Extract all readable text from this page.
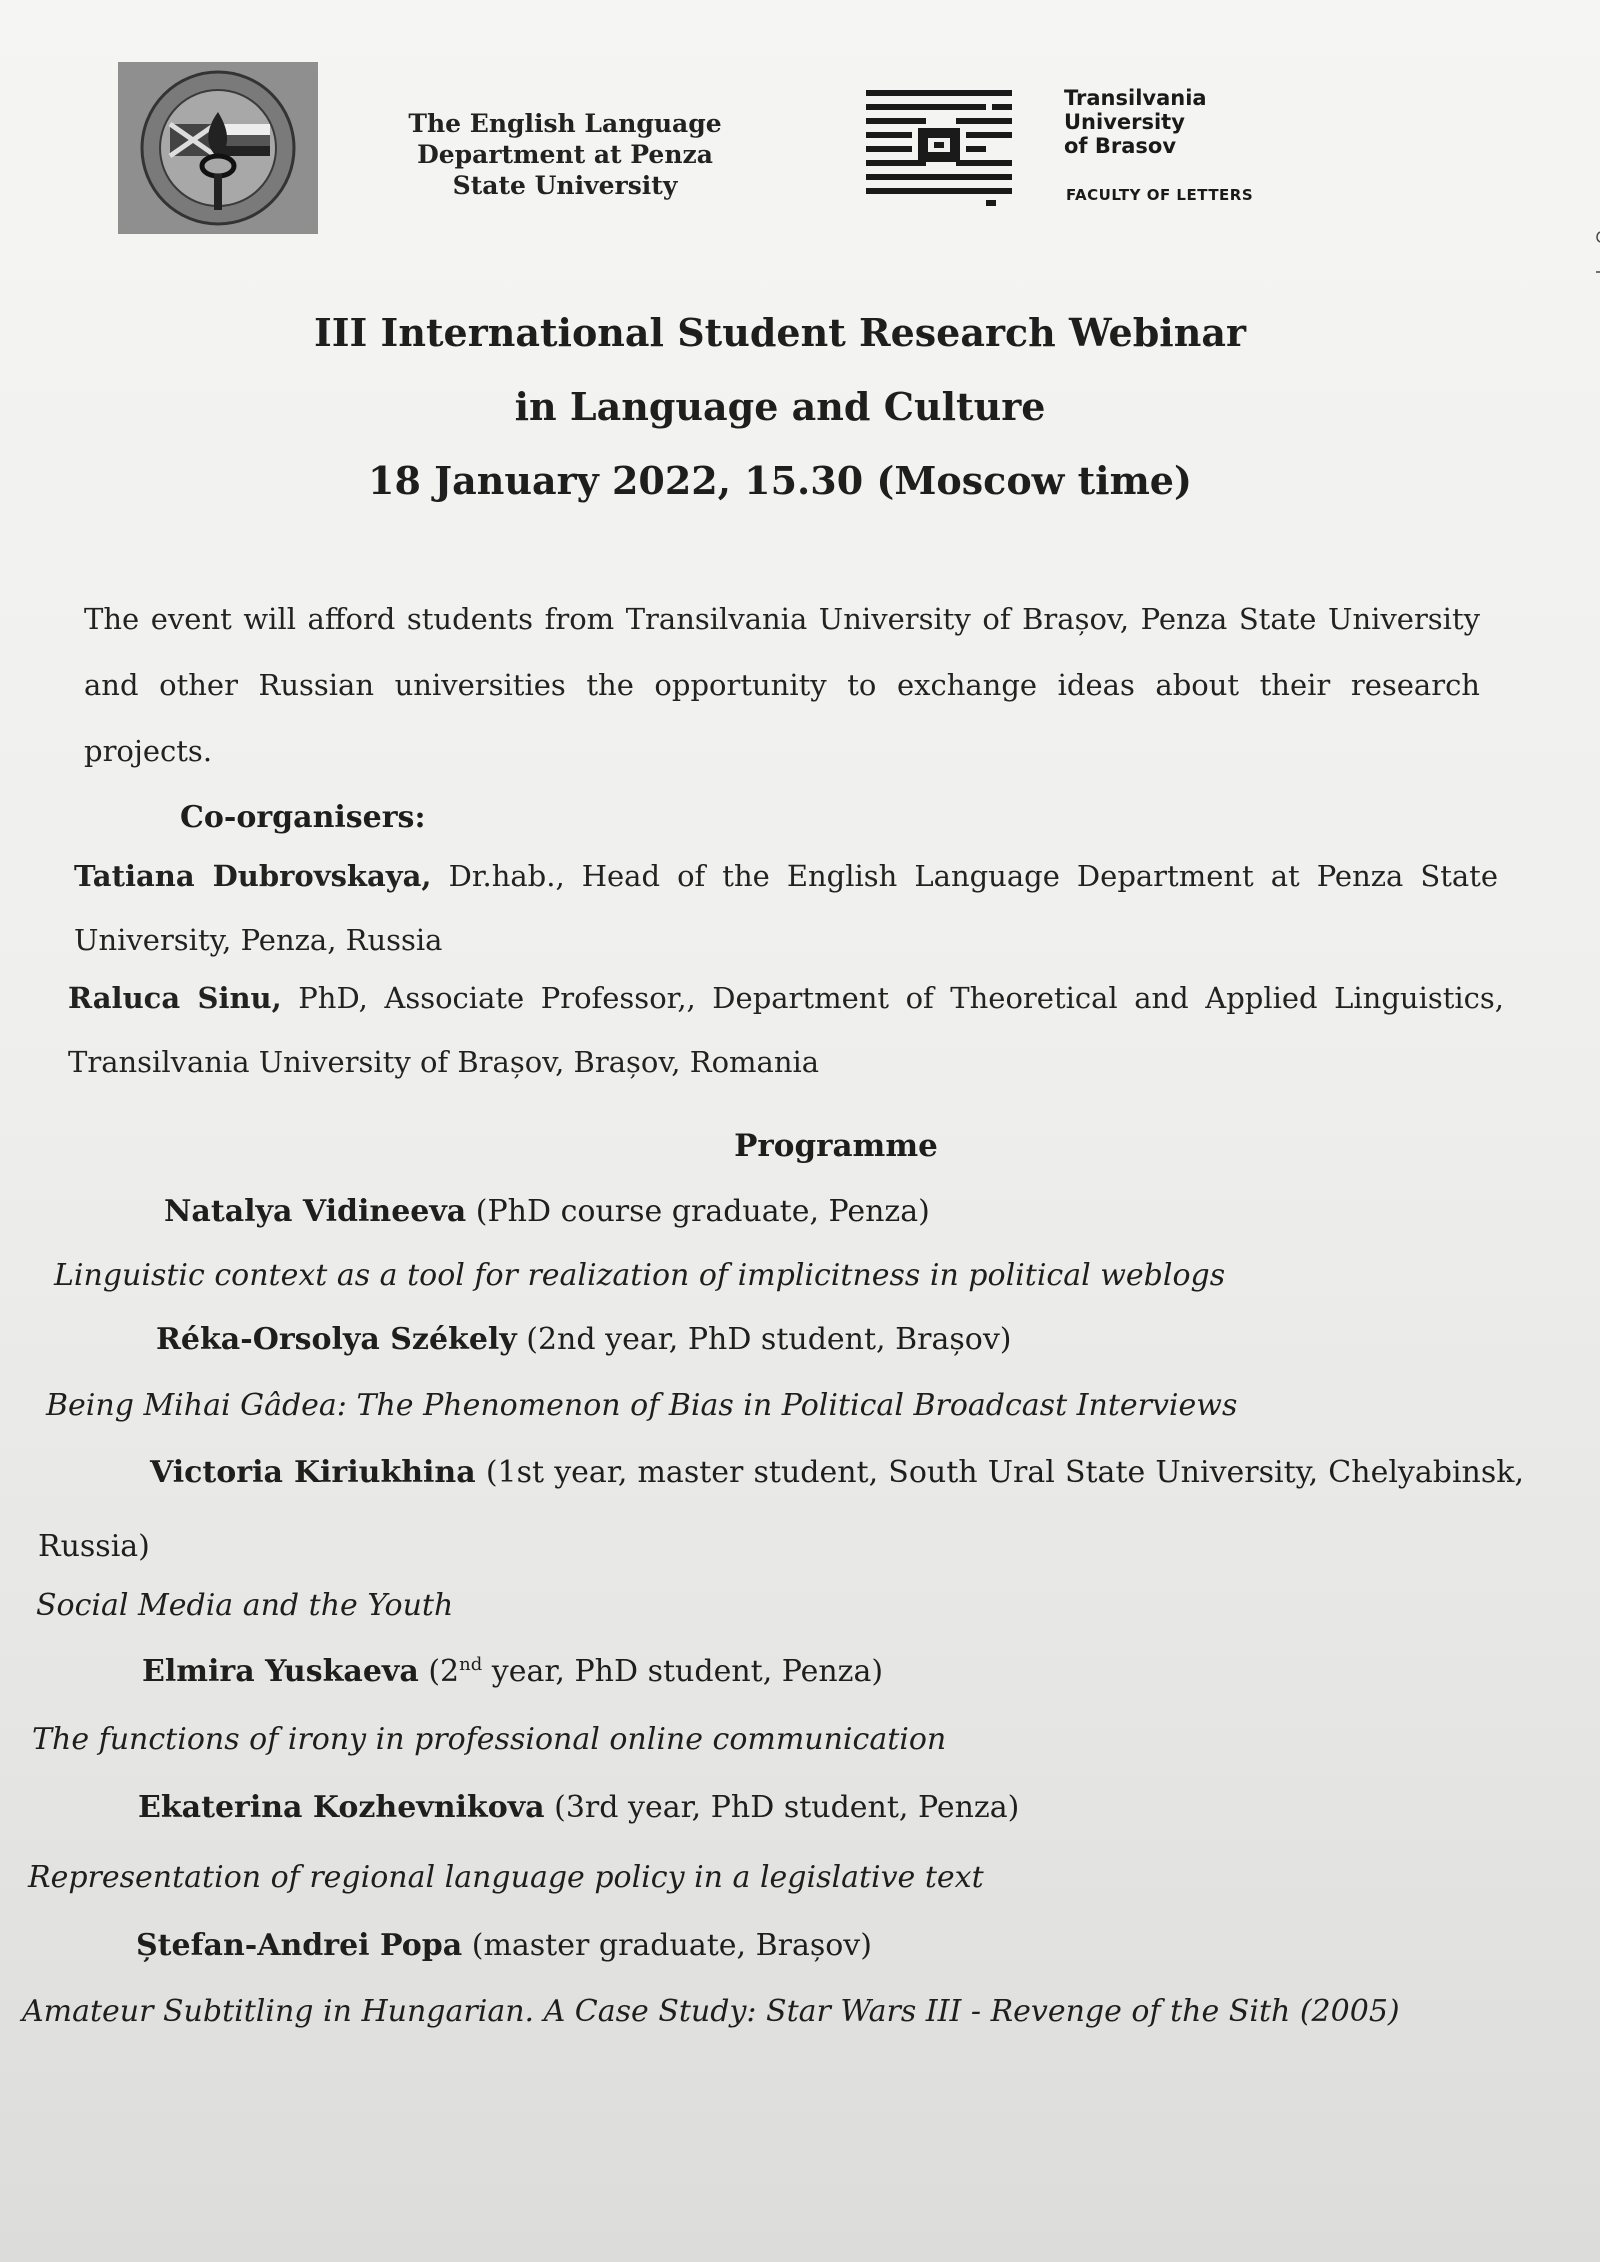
The English Language Department at Penza State University
Transilvania
University
of Brasov
FACULTY OF LETTERS
III International Student Research Webinar
in Language and Culture
18 January 2022, 15.30 (Moscow time)
The event will afford students from Transilvania University of Brașov, Penza State University and other Russian universities the opportunity to exchange ideas about their research projects.
Co-organisers:
Tatiana Dubrovskaya, Dr.hab., Head of the English Language Department at Penza State University, Penza, Russia
Raluca Sinu, PhD, Associate Professor,, Department of Theoretical and Applied Linguistics, Transilvania University of Brașov, Brașov, Romania
Programme
Natalya Vidineeva (PhD course graduate, Penza)
Linguistic context as a tool for realization of implicitness in political weblogs
Réka-Orsolya Székely (2nd year, PhD student, Brașov)
Being Mihai Gâdea: The Phenomenon of Bias in Political Broadcast Interviews
Victoria Kiriukhina (1st year, master student, South Ural State University, Chelyabinsk, Russia)
Social Media and the Youth
Elmira Yuskaeva (2nd year, PhD student, Penza)
The functions of irony in professional online communication
Ekaterina Kozhevnikova (3rd year, PhD student, Penza)
Representation of regional language policy in a legislative text
Ștefan-Andrei Popa (master graduate, Brașov)
Amateur Subtitling in Hungarian. A Case Study: Star Wars III - Revenge of the Sith (2005)
